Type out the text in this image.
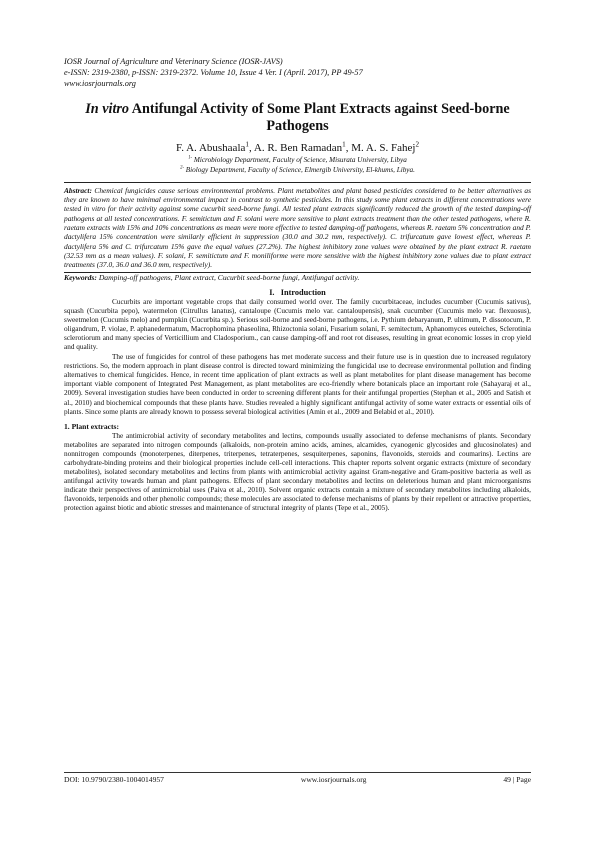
IOSR Journal of Agriculture and Veterinary Science (IOSR-JAVS)
e-ISSN: 2319-2380, p-ISSN: 2319-2372. Volume 10, Issue 4 Ver. I (April. 2017), PP 49-57
www.iosrjournals.org
In vitro Antifungal Activity of Some Plant Extracts against Seed-borne Pathogens
F. A. Abushaala$^1$, A. R. Ben Ramadan$^1$, M. A. S. Fahej$^2$
$^{1-}$ Microbiology Department, Faculty of Science, Misurata University, Libya
$^{2-}$ Biology Department, Faculty of Science, Elmergib University, El-khums, Libya.
Abstract: Chemical fungicides cause serious environmental problems. Plant metabolites and plant based pesticides considered to be better alternatives as they are known to have minimal environmental impact in contrast to synthetic pesticides. In this study some plant extracts in different concentrations were tested in vitro for their activity against some cucurbit seed-borne fungi. All tested plant extracts significantly reduced the growth of the tested damping-off pathogens at all tested concentrations. F. semitictum and F. solani were more sensitive to plant extracts treatment than the other tested pathogens, where R. raetam extracts with 15% and 10% concentrations as mean were more effective to tested damping-off pathogens, whereas R. raetam 5% concentration and P. dactylifera 15% concentration were similarly efficient in suppression (30.0 and 30.2 mm, respectively). C. trifurcatum gave lowest effect, whereas P. dactylifera 5% and C. trifurcatum 15% gave the equal values (27.2%). The highest inhibitory zone values were obtained by the plant extract R. raetam (32.53 mm as a mean values). F. solani, F. semitictum and F. moniliforme were more sensitive with the highest inhibitory zone values due to plant extract treatments (37.0, 36.0 and 36.0 mm, respectively).
Keywords: Damping-off pathogens, Plant extract, Cucurbit seed-borne fungi, Antifungal activity.
I. Introduction

Cucurbits are important vegetable crops that daily consumed world over. The family cucurbitaceae, includes cucumber (Cucumis sativus), squash (Cucurbita pepo), watermelon (Citrullus lanatus), cantaloupe (Cucumis melo var. cantaloupensis), snak cucumber (Cucumis melo var. flexuosus), sweetmelon (Cucumis melo) and pumpkin (Cucurbita sp.). Serious soil-borne and seed-borne pathogens, i.e. Pythium debaryanum, P. ultimum, P. dissotocum, P. oligandrum, P. violae, P. aphanedermatum, Macrophomina phaseolina, Rhizoctonia solani, Fusarium solani, F. semitectum, Aphanomyces euteiches, Sclerotinia sclerotiorum and many species of Verticillium and Cladosporium., can cause damping-off and root rot diseases, resulting in great economic losses in crop yield and quality.

The use of fungicides for control of these pathogens has met moderate success and their future use is in question due to increased regulatory restrictions. So, the modern approach in plant disease control is directed toward minimizing the fungicidal use to decrease environmental pollution and finding alternatives to chemical fungicides. Hence, in recent time application of plant extracts as well as plant metabolites for plant disease management has become important viable component of Integrated Pest Management, as plant metabolites are eco-friendly where botanicals place an important role (Sahayaraj et al., 2009). Several investigation studies have been conducted in order to screening different plants for their antifungal properties (Stephan et al., 2005 and Satish et al., 2010) and biochemical compounds that these plants have. Studies revealed a highly significant antifungal activity of some water extracts or essential oils of plants. Since some plants are already known to possess several biological activities (Amin et al., 2009 and Belabid et al., 2010).

1. Plant extracts:

The antimicrobial activity of secondary metabolites and lectins, compounds usually associated to defense mechanisms of plants. Secondary metabolites are separated into nitrogen compounds (alkaloids, non-protein amino acids, amines, alcamides, cyanogenic glycosides and glucosinolates) and nonnitrogen compounds (monoterpenes, diterpenes, triterpenes, tetraterpenes, sesquiterpenes, saponins, flavonoids, steroids and coumarins). Lectins are carbohydrate-binding proteins and their biological properties include cell-cell interactions. This chapter reports solvent organic extracts (mixture of secondary metabolites), isolated secondary metabolites and lectins from plants with antimicrobial activity against Gram-negative and Gram-positive bacteria as well as antifungal activity towards human and plant pathogens. Effects of plant secondary metabolites and lectins on deleterious human and plant microorganisms indicate their perspectives of antimicrobial uses (Paiva et al., 2010). Solvent organic extracts contain a mixture of secondary metabolites including alkaloids, flavonoids, terpenoids and other phenolic compounds; these molecules are associated to defense mechanisms of plants by their repellent or attractive properties, protection against biotic and abiotic stresses and maintenance of structural integrity of plants (Tepe et al., 2005).

DOI: 10.9790/2380-1004014957	www.iosrjournals.org	49 | Page
